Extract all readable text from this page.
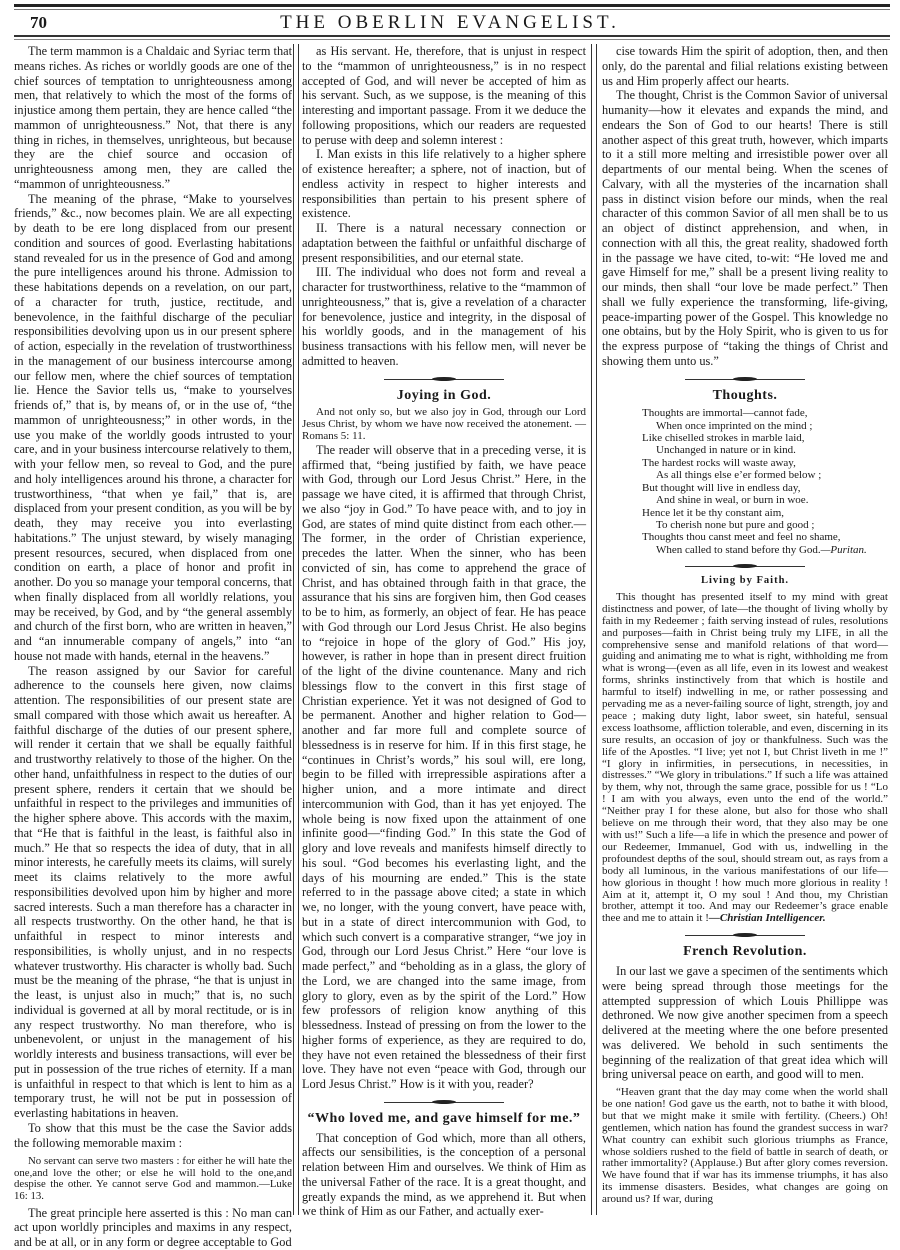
70	THE OBERLIN EVANGELIST.

The term mammon is a Chaldaic and Syriac term that means riches. As riches or worldly goods are one of the chief sources of temptation to unrighteousness among men, that relatively to which the most of the forms of injustice among them pertain, they are hence called “the mammon of unrighteousness.” Not, that there is any thing in riches, in themselves, unrighteous, but because they are the chief source and occasion of unrighteousness among men, they are called the “mammon of unrighteousness.”

The meaning of the phrase, “Make to yourselves friends,” &c., now becomes plain. We are all expecting by death to be ere long displaced from our present condition and sources of good. Everlasting habitations stand revealed for us in the presence of God and among the pure intelligences around his throne. Admission to these habitations depends on a revelation, on our part, of a character for truth, justice, rectitude, and benevolence, in the faithful discharge of the peculiar responsibilities devolving upon us in our present sphere of action, especially in the revelation of trustworthiness in the management of our business intercourse among our fellow men, where the chief sources of temptation lie. Hence the Savior tells us, “make to yourselves friends of,” that is, by means of, or in the use of, “the mammon of unrighteousness;” in other words, in the use you make of the worldly goods intrusted to your care, and in your business intercourse relatively to them, with your fellow men, so reveal to God, and the pure and holy intelligences around his throne, a character for trustworthiness, “that when ye fail,” that is, are displaced from your present condition, as you will be by death, they may receive you into everlasting habitations.” The unjust steward, by wisely managing present resources, secured, when displaced from one condition on earth, a place of honor and profit in another. Do you so manage your temporal concerns, that when finally displaced from all worldly relations, you may be received, by God, and by “the general assembly and church of the first born, who are written in heaven,” and “an innumerable company of angels,” into “an house not made with hands, eternal in the heavens.”

The reason assigned by our Savior for careful adherence to the counsels here given, now claims attention. The responsibilities of our present state are small compared with those which await us hereafter. A faithful discharge of the duties of our present sphere, will render it certain that we shall be equally faithful and trustworthy relatively to those of the higher. On the other hand, unfaithfulness in respect to the duties of our present sphere, renders it certain that we should be unfaithful in respect to the privileges and immunities of the higher sphere above. This accords with the maxim, that “He that is faithful in the least, is faithful also in much.” He that so respects the idea of duty, that in all minor interests, he carefully meets its claims, will surely meet its claims relatively to the more awful responsibilities devolved upon him by higher and more sacred interests. Such a man therefore has a character in all respects trustworthy. On the other hand, he that is unfaithful in respect to minor interests and responsibilities, is wholly unjust, and in no respects whatever trustworthy. His character is wholly bad. Such must be the meaning of the phrase, “he that is unjust in the least, is unjust also in much;” that is, no such individual is governed at all by moral rectitude, or is in any respect trustworthy. No man therefore, who is unbenevolent, or unjust in the management of his worldly interests and business transactions, will ever be put in possession of the true riches of eternity. If a man is unfaithful in respect to that which is lent to him as a temporary trust, he will not be put in possession of everlasting habitations in heaven.

To show that this must be the case the Savior adds the following memorable maxim :

No servant can serve two masters : for either he will hate the one,and love the other; or else he will hold to the one,and despise the other. Ye cannot serve God and mammon.—Luke 16: 13.

The great principle here asserted is this : No man can act upon worldly principles and maxims in any respect, and be at all, or in any form or degree acceptable to God

as His servant. He, therefore, that is unjust in respect to the “mammon of unrighteousness,” is in no respect accepted of God, and will never be accepted of him as his servant. Such, as we suppose, is the meaning of this interesting and important passage. From it we deduce the following propositions, which our readers are requested to peruse with deep and solemn interest :

I. Man exists in this life relatively to a higher sphere of existence hereafter; a sphere, not of inaction, but of endless activity in respect to higher interests and responsibilities than pertain to his present sphere of existence.

II. There is a natural necessary connection or adaptation between the faithful or unfaithful discharge of present responsibilities, and our eternal state.

III. The individual who does not form and reveal a character for trustworthiness, relative to the “mammon of unrighteousness,” that is, give a revelation of a character for benevolence, justice and integrity, in the disposal of his worldly goods, and in the management of his business transactions with his fellow men, will never be admitted to heaven.

Joying in God.

And not only so, but we also joy in God, through our Lord Jesus Christ, by whom we have now received the atonement. —Romans 5: 11.

The reader will observe that in a preceding verse, it is affirmed that, “being justified by faith, we have peace with God, through our Lord Jesus Christ.” Here, in the passage we have cited, it is affirmed that through Christ, we also “joy in God.” To have peace with, and to joy in God, are states of mind quite distinct from each other.—The former, in the order of Christian experience, precedes the latter. When the sinner, who has been convicted of sin, has come to apprehend the grace of Christ, and has obtained through faith in that grace, the assurance that his sins are forgiven him, then God ceases to be to him, as formerly, an object of fear. He has peace with God through our Lord Jesus Christ. He also begins to “rejoice in hope of the glory of God.” His joy, however, is rather in hope than in present direct fruition of the light of the divine countenance. Many and rich blessings flow to the convert in this first stage of Christian experience. Yet it was not designed of God to be permanent. Another and higher relation to God—another and far more full and complete source of blessedness is in reserve for him. If in this first stage, he “continues in Christ’s words,” his soul will, ere long, begin to be filled with irrepressible aspirations after a higher union, and a more intimate and direct intercommunion with God, than it has yet enjoyed. The whole being is now fixed upon the attainment of one infinite good—“finding God.” In this state the God of glory and love reveals and manifests himself directly to his soul. “God becomes his everlasting light, and the days of his mourning are ended.” This is the state referred to in the passage above cited; a state in which we, no longer, with the young convert, have peace with, but in a state of direct intercommunion with God, to which such convert is a comparative stranger, “we joy in God, through our Lord Jesus Christ.” Here “our love is made perfect,” and “beholding as in a glass, the glory of the Lord, we are changed into the same image, from glory to glory, even as by the spirit of the Lord.” How few professors of religion know anything of this blessedness. Instead of pressing on from the lower to the higher forms of experience, as they are required to do, they have not even retained the blessedness of their first love. They have not even “peace with God, through our Lord Jesus Christ.” How is it with you, reader?

“Who loved me, and gave himself for me.”

That conception of God which, more than all others, affects our sensibilities, is the conception of a personal relation between Him and ourselves. We think of Him as the universal Father of the race. It is a great thought, and greatly expands the mind, as we apprehend it. But when we think of Him as our Father, and actually exer-

cise towards Him the spirit of adoption, then, and then only, do the parental and filial relations existing between us and Him properly affect our hearts.

The thought, Christ is the Common Savior of universal humanity—how it elevates and expands the mind, and endears the Son of God to our hearts! There is still another aspect of this great truth, however, which imparts to it a still more melting and irresistible power over all departments of our mental being. When the scenes of Calvary, with all the mysteries of the incarnation shall pass in distinct vision before our minds, when the real character of this common Savior of all men shall be to us an object of distinct apprehension, and when, in connection with all this, the great reality, shadowed forth in the passage we have cited, to-wit: “He loved me and gave Himself for me,” shall be a present living reality to our minds, then shall “our love be made perfect.” Then shall we fully experience the transforming, life-giving, peace-imparting power of the Gospel. This knowledge no one obtains, but by the Holy Spirit, who is given to us for the express purpose of “taking the things of Christ and showing them unto us.”

Thoughts.
Thoughts are immortal—cannot fade,
When once imprinted on the mind ;
Like chiselled strokes in marble laid,
Unchanged in nature or in kind.
The hardest rocks will waste away,
As all things else e’er formed below ;
But thought will live in endless day,
And shine in weal, or burn in woe.
Hence let it be thy constant aim,
To cherish none but pure and good ;
Thoughts thou canst meet and feel no shame,
When called to stand before thy God.—Puritan.
Living by Faith.

This thought has presented itself to my mind with great distinctness and power, of late—the thought of living wholly by faith in my Redeemer ; faith serving instead of rules, resolutions and purposes—faith in Christ being truly my LIFE, in all the comprehensive sense and manifold relations of that word—guiding and animating me to what is right, withholding me from what is wrong—(even as all life, even in its lowest and weakest forms, shrinks instinctively from that which is hostile and harmful to itself) indwelling in me, or rather possessing and pervading me as a never-failing source of light, strength, joy and peace ; making duty light, labor sweet, sin hateful, sensual excess loathsome, affliction tolerable, and even, discerning in its sure results, an occasion of joy or thankfulness. Such was the life of the Apostles. “I live; yet not I, but Christ liveth in me !” “I glory in infirmities, in persecutions, in necessities, in distresses.” “We glory in tribulations.” If such a life was attained by them, why not, through the same grace, possible for us ! “Lo ! I am with you always, even unto the end of the world.” “Neither pray I for these alone, but also for those who shall believe on me through their word, that they also may be one with us!” Such a life—a life in which the presence and power of our Redeemer, Immanuel, God with us, indwelling in the profoundest depths of the soul, should stream out, as rays from a body all luminous, in the various manifestations of our life—how glorious in thought ! how much more glorious in reality ! Aim at it, attempt it, O my soul ! And thou, my Christian brother, attempt it too. And may our Redeemer’s grace enable thee and me to attain it !—Christian Intelligencer.

French Revolution.

In our last we gave a specimen of the sentiments which were being spread through those meetings for the attempted suppression of which Louis Phillippe was dethroned. We now give another specimen from a speech delivered at the meeting where the one before presented was delivered. We behold in such sentiments the beginning of the realization of that great idea which will bring universal peace on earth, and good will to men.

“Heaven grant that the day may come when the world shall be one nation! God gave us the earth, not to bathe it with blood, but that we might make it smile with fertility. (Cheers.) Oh! gentlemen, which nation has found the grandest success in war? What country can exhibit such glorious triumphs as France, whose soldiers rushed to the field of battle in search of death, or rather immortality? (Applause.) But after glory comes reversion. We have found that if war has its immense triumphs, it has also its immense disasters. Besides, what changes are going on around us? If war, during
